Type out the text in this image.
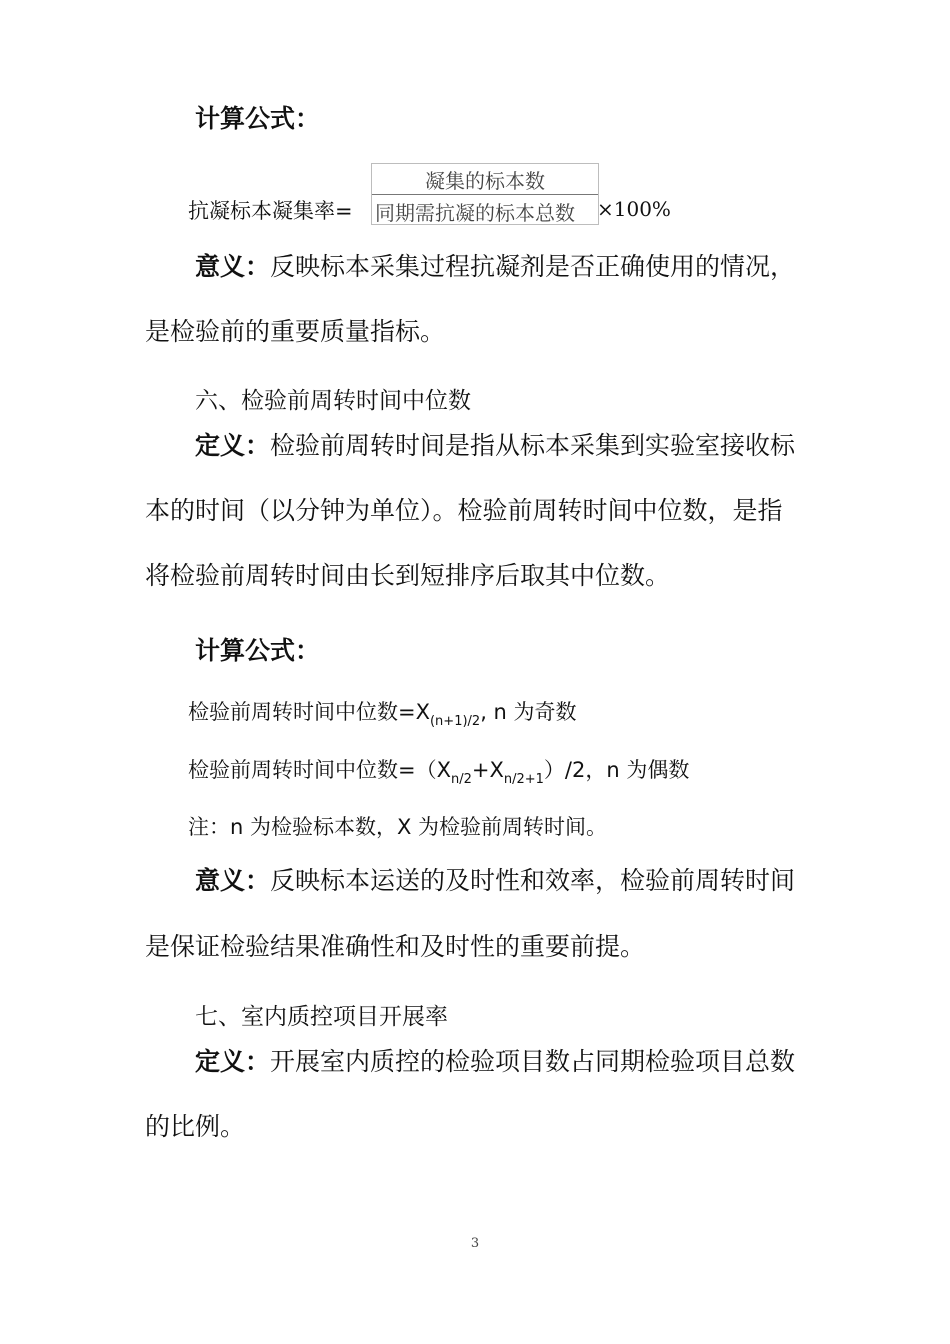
计算公式：
抗凝标本凝集率=
凝集的标本数
同期需抗凝的标本总数	×100%
意义：反映标本采集过程抗凝剂是否正确使用的情况，
是检验前的重要质量指标。
六、检验前周转时间中位数
定义：检验前周转时间是指从标本采集到实验室接收标
本的时间（以分钟为单位）。检验前周转时间中位数，是指
将检验前周转时间由长到短排序后取其中位数。
计算公式：
检验前周转时间中位数$=X_{(n+1)/2}$, n 为奇数
检验前周转时间中位数$=(X_{n/2}+X_{n/2+1})/2$，n 为偶数
注：n 为检验标本数，X 为检验前周转时间。
意义：反映标本运送的及时性和效率，检验前周转时间
是保证检验结果准确性和及时性的重要前提。
七、室内质控项目开展率
定义：开展室内质控的检验项目数占同期检验项目总数
的比例。
3
